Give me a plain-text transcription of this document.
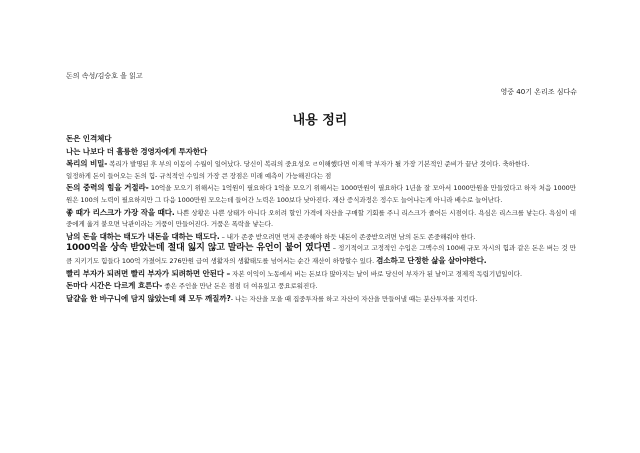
돈의 속성/김승호 을 읽고
영중 40기 온리조 심다슈
내용 정리

돈은 인격체다

나는 나보다 더 훌륭한 경영자에게 투자한다

복리의 비밀- 복리가 발명된 후 부의 이동이 수월이 일어났다. 당신이 복리의 중요성오 ㄹ이해했다면 이제 막 부자가 될 가장 기본적인 준비가 끝난 것이다. 축하한다.

일정하게 돈이 들어오는 돈의 힘- 규칙적인 수입의 가장 큰 장점은 미래 예측이 가능해진다는 점

돈의 중력의 힘을 거절라- 10억을 모으기 위해서는 1억원이 필요하다 1억을 모으기 위해서는 1000만원이 필요하다 1년을 잘 모아서 1000만원을 만들었다고 하자 처음 1000만원은 100의 노력이 필요하지만 그 다음 1000만원 모으는데 들어간 노력은 100보다 낮아진다. 재산 증식과정은 정수도 늘어나는게 아니라 배수로 늘어난다.

좋 때가 리스크가 가장 작을 때다. 나쁜 상황은 나쁜 상태가 아니다 오히려 할인 가격에 자산을 구매할 기회를 주니 리스크가 줄어든 시점이다. 욕심은 리스크를 낳는다. 욕심이 대중에게 옮겨 붙으면 낙관이라는 거품이 만들어진다. 거품은 폭락을 낳는다.

남의 돈을 대하는 태도가 내돈을 대하는 태도다. – 내가 존중 받으려면 먼저 존중해야 하듯 내돈이 존중받으려면 남의 돈도 존중해줘야 한다.

1000억을 상속 받았는데 절대 잃지 않고 말라는 유언이 붙어 였다면 – 정기적이고 고정적인 수입은 그맥수의 100배 규모 자시의 힘과 같은 돈은 버는 것 만큼 지키기도 힘들다 100억 가졌어도 276만원 급여 생활자의 생활태도를 넘어서는 순간 재산이 하향할수 있다. 겸소하고 단정한 삶을 살아야한다.

빨리 부자가 되려면 빨리 부자가 되려하면 안된다 – 자본 이익이 노동에서 버는 돈보다 많아지는 날이 바로 당신이 부자가 된 날이고 경제적 독립기념일이다.

돈마다 시간은 다르게 흐른다- 좋은 주인을 만난 돈은 점점 더 여유있고 풍요로워진다.

달걀을 한 바구니에 담지 않았는데 왜 모두 깨질까?- 나는 자산을 모을 때 집중투자를 하고 자산이 자산을 만들어낼 때는 분산투자를 지킨다.
